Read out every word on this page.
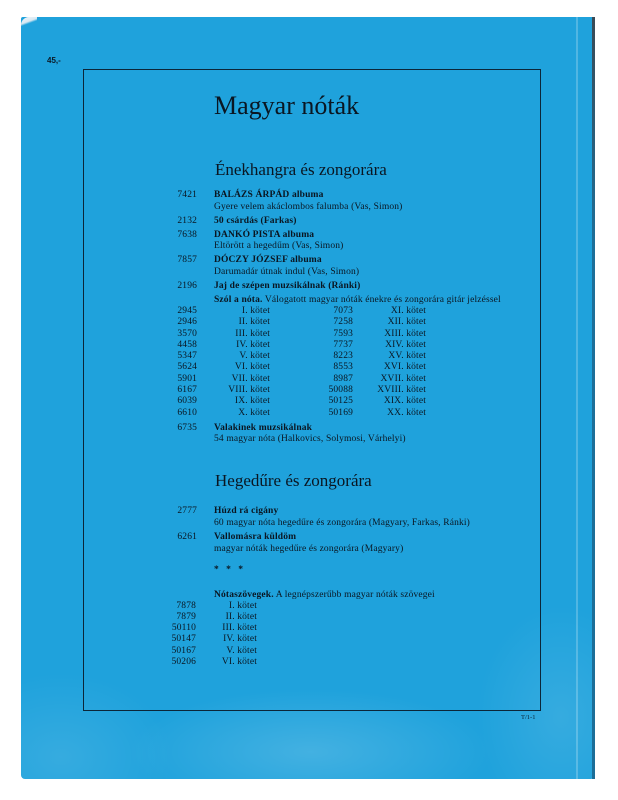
45,-
Magyar nóták
Énekhangra és zongorára
7421 BALÁZS ÁRPÁD albuma
Gyere velem akáclombos falumba (Vas, Simon)
2132 50 csárdás (Farkas)
7638 DANKÓ PISTA albuma
Eltörött a hegedűm (Vas, Simon)
7857 DÓCZY JÓZSEF albuma
Darumadár útnak indul (Vas, Simon)
2196 Jaj de szépen muzsikálnak (Ránki)
Szól a nóta. Válogatott magyar nóták énekre és zongorára gitár jelzéssel
2945	I. kötet	7073	XI. kötet
2946	II. kötet	7258	XII. kötet
3570	III. kötet	7593	XIII. kötet
4458	IV. kötet	7737	XIV. kötet
5347	V. kötet	8223	XV. kötet
5624	VI. kötet	8553	XVI. kötet
5901	VII. kötet	8987	XVII. kötet
6167	VIII. kötet	50088	XVIII. kötet
6039	IX. kötet	50125	XIX. kötet
6610	X. kötet	50169	XX. kötet
6735 Valakinek muzsikálnak
54 magyar nóta (Halkovics, Solymosi, Várhelyi)
Hegedűre és zongorára
2777 Húzd rá cigány
60 magyar nóta hegedűre és zongorára (Magyary, Farkas, Ránki)
6261 Vallomásra küldöm
magyar nóták hegedűre és zongorára (Magyary)
* * *
Nótaszövegek. A legnépszerűbb magyar nóták szövegei
7878	I. kötet
7879	II. kötet
50110	III. kötet
50147	IV. kötet
50167	V. kötet
50206	VI. kötet
T/1-1
